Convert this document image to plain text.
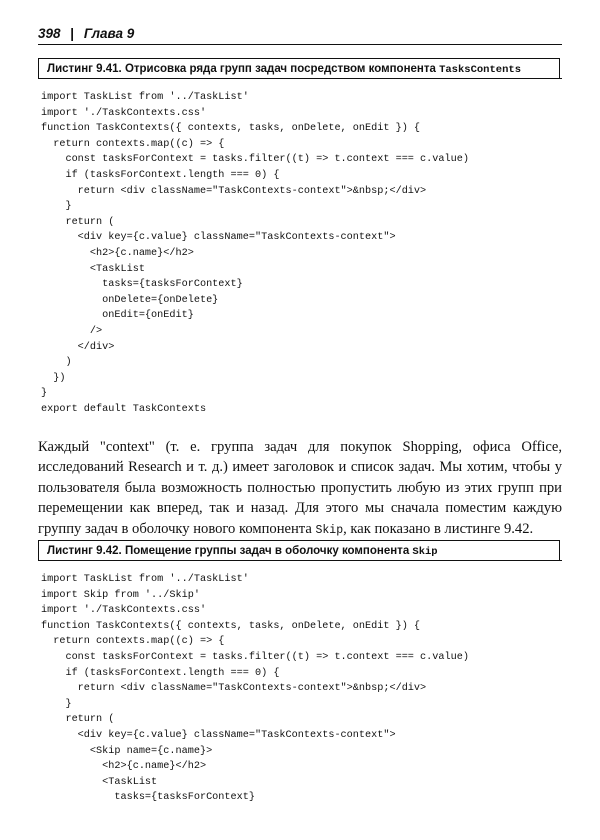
398 | Глава 9
Листинг 9.41. Отрисовка ряда групп задач посредством компонента TasksContents
import TaskList from '../TaskList'
import './TaskContexts.css'
function TaskContexts({ contexts, tasks, onDelete, onEdit }) {
return contexts.map((c) => {
const tasksForContext = tasks.filter((t) => t.context === c.value)
if (tasksForContext.length === 0) {
return <div className="TaskContexts-context">&nbsp;</div>
}
return (
<div key={c.value} className="TaskContexts-context">
<h2>{c.name}</h2>
<TaskList
tasks={tasksForContext}
onDelete={onDelete}
onEdit={onEdit}
/>
</div>
)
})
}
export default TaskContexts

Каждый "context" (т. е. группа задач для покупок Shopping, офиса Office, исследований Research и т. д.) имеет заголовок и список задач. Мы хотим, чтобы у пользователя была возможность полностью пропустить любую из этих групп при перемещении как вперед, так и назад. Для этого мы сначала поместим каждую группу задач в оболочку нового компонента Skip, как показано в листинге 9.42.

Листинг 9.42. Помещение группы задач в оболочку компонента Skip
import TaskList from '../TaskList'
import Skip from '../Skip'
import './TaskContexts.css'
function TaskContexts({ contexts, tasks, onDelete, onEdit }) {
return contexts.map((c) => {
const tasksForContext = tasks.filter((t) => t.context === c.value)
if (tasksForContext.length === 0) {
return <div className="TaskContexts-context">&nbsp;</div>
}
return (
<div key={c.value} className="TaskContexts-context">
<Skip name={c.name}>
<h2>{c.name}</h2>
<TaskList
tasks={tasksForContext}
